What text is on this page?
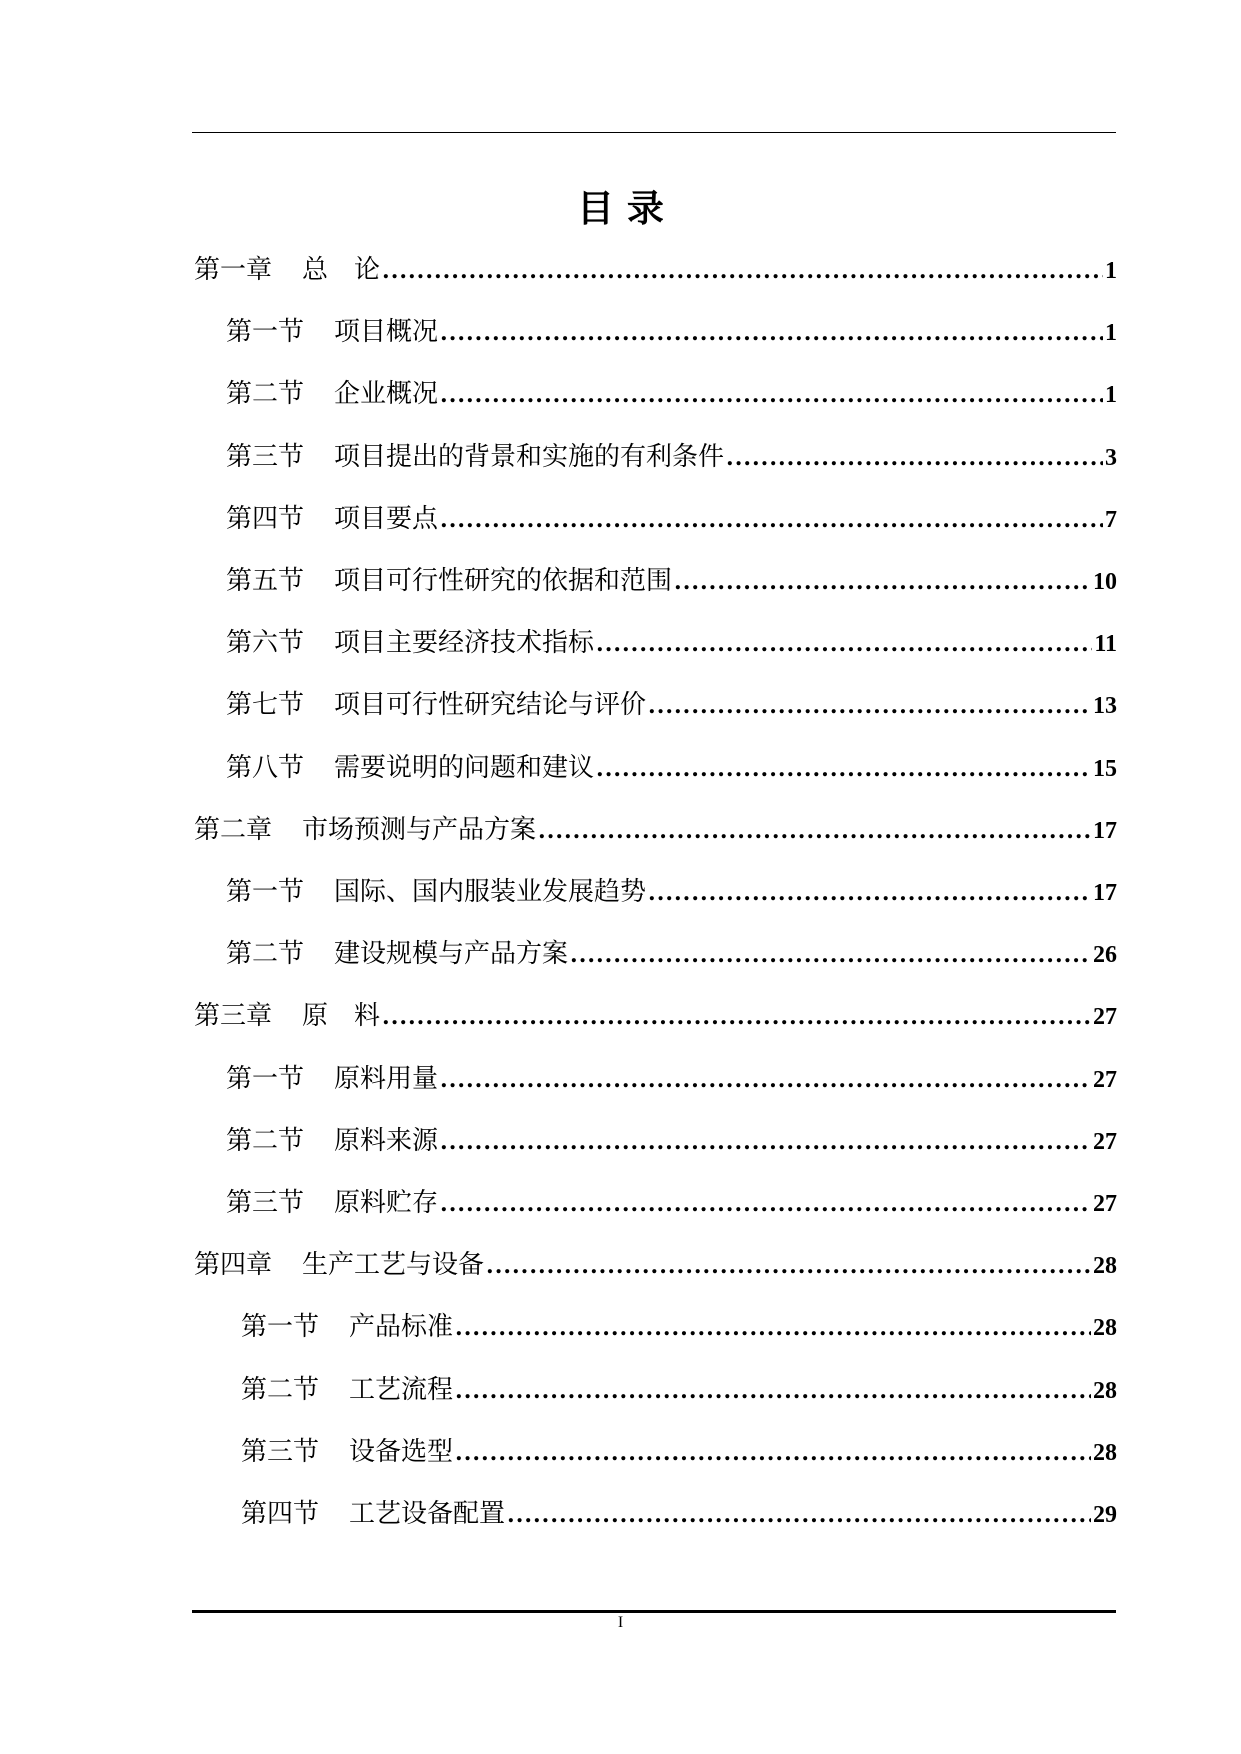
目 录
第一章 总　论 .....	1
第一节 项目概况 .....	1
第二节 企业概况 .....	1
第三节 项目提出的背景和实施的有利条件 .....	3
第四节 项目要点 .....	7
第五节 项目可行性研究的依据和范围 .....	10
第六节 项目主要经济技术指标 .....	11
第七节 项目可行性研究结论与评价 .....	13
第八节 需要说明的问题和建议 .....	15
第二章 市场预测与产品方案 .....	17
第一节 国际、国内服装业发展趋势 .....	17
第二节 建设规模与产品方案 .....	26
第三章 原　料 .....	27
第一节 原料用量 .....	27
第二节 原料来源 .....	27
第三节 原料贮存 .....	27
第四章 生产工艺与设备 .....	28
第一节 产品标准 .....	28
第二节 工艺流程 .....	28
第三节 设备选型 .....	28
第四节 工艺设备配置 .....	29
I
